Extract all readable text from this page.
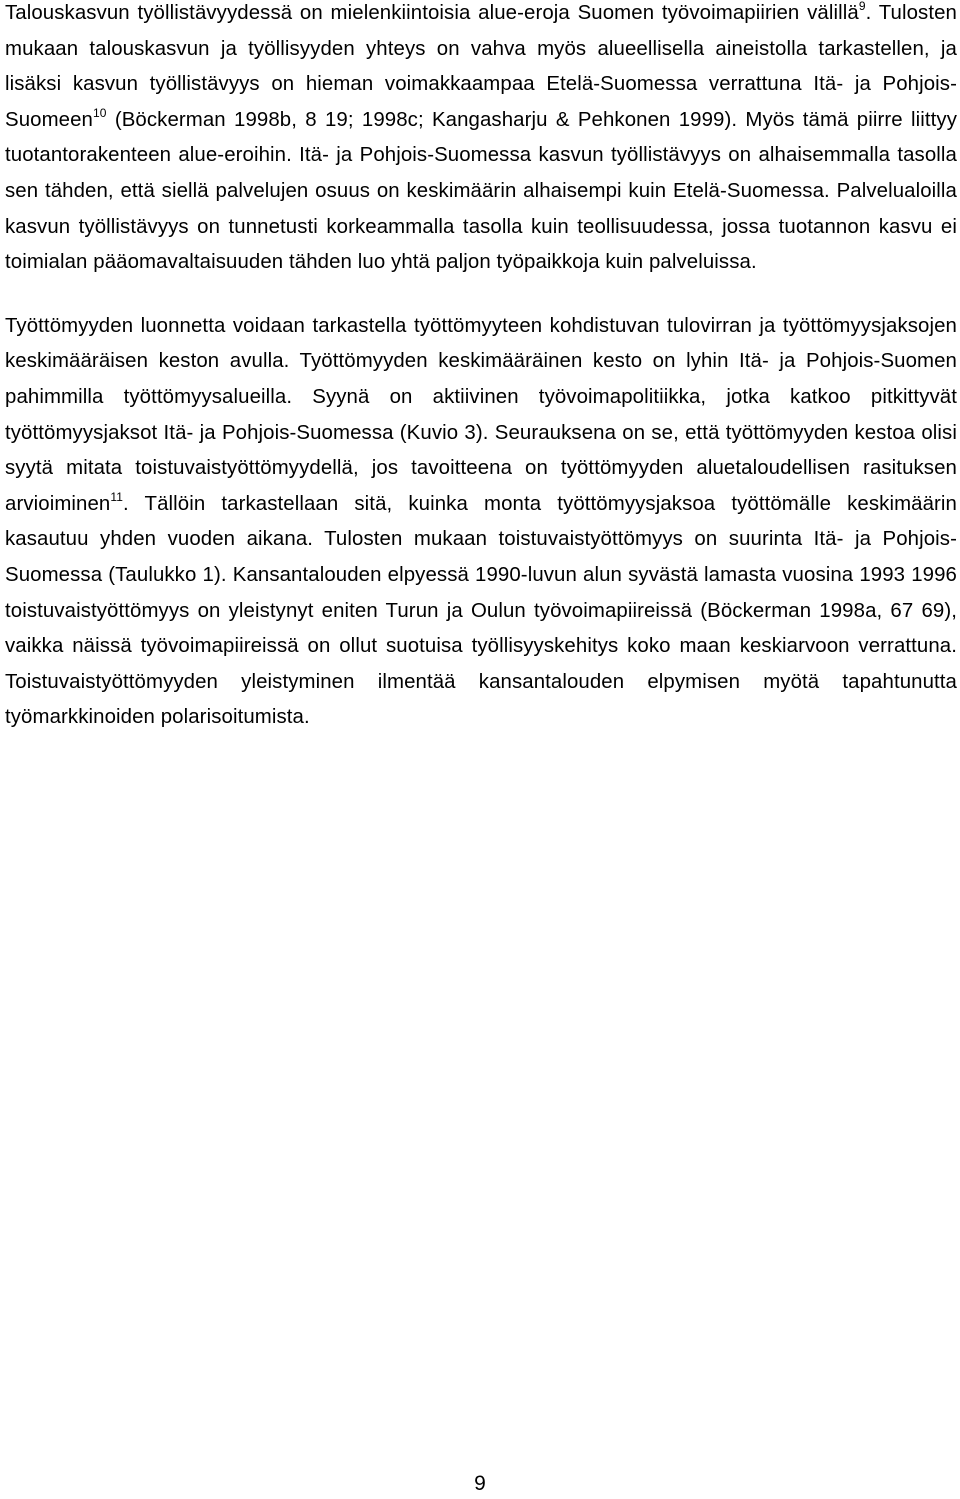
Talouskasvun työllistävyydessä on mielenkiintoisia alue-eroja Suomen työvoimapiirien välillä$^9$. Tulosten mukaan talouskasvun ja työllisyyden yhteys on vahva myös alueellisella aineistolla tarkastellen, ja lisäksi kasvun työllistävyys on hieman voimakkaampaa Etelä-Suomessa verrattuna Itä- ja Pohjois-Suomeen$^{10}$ (Böckerman 1998b, 8 19; 1998c; Kangasharju & Pehkonen 1999). Myös tämä piirre liittyy tuotantorakenteen alue-eroihin. Itä- ja Pohjois-Suomessa kasvun työllistävyys on alhaisemmalla tasolla sen tähden, että siellä palvelujen osuus on keskimäärin alhaisempi kuin Etelä-Suomessa. Palvelualoilla kasvun työllistävyys on tunnetusti korkeammalla tasolla kuin teollisuudessa, jossa tuotannon kasvu ei toimialan pääomavaltaisuuden tähden luo yhtä paljon työpaikkoja kuin palveluissa.

Työttömyyden luonnetta voidaan tarkastella työttömyyteen kohdistuvan tulovirran ja työttömyysjaksojen keskimääräisen keston avulla. Työttömyyden keskimääräinen kesto on lyhin Itä- ja Pohjois-Suomen pahimmilla työttömyysalueilla. Syynä on aktiivinen työvoimapolitiikka, jotka katkoo pitkittyvät työttömyysjaksot Itä- ja Pohjois-Suomessa (Kuvio 3). Seurauksena on se, että työttömyyden kestoa olisi syytä mitata toistuvaistyöttömyydellä, jos tavoitteena on työttömyyden aluetaloudellisen rasituksen arvioiminen$^{11}$. Tällöin tarkastellaan sitä, kuinka monta työttömyysjaksoa työttömälle keskimäärin kasautuu yhden vuoden aikana. Tulosten mukaan toistuvaistyöttömyys on suurinta Itä- ja Pohjois-Suomessa (Taulukko 1). Kansantalouden elpyessä 1990-luvun alun syvästä lamasta vuosina 1993 1996 toistuvaistyöttömyys on yleistynyt eniten Turun ja Oulun työvoimapiireissä (Böckerman 1998a, 67 69), vaikka näissä työvoimapiireissä on ollut suotuisa työllisyyskehitys koko maan keskiarvoon verrattuna. Toistuvaistyöttömyyden yleistyminen ilmentää kansantalouden elpymisen myötä tapahtunutta työmarkkinoiden polarisoitumista.

9
